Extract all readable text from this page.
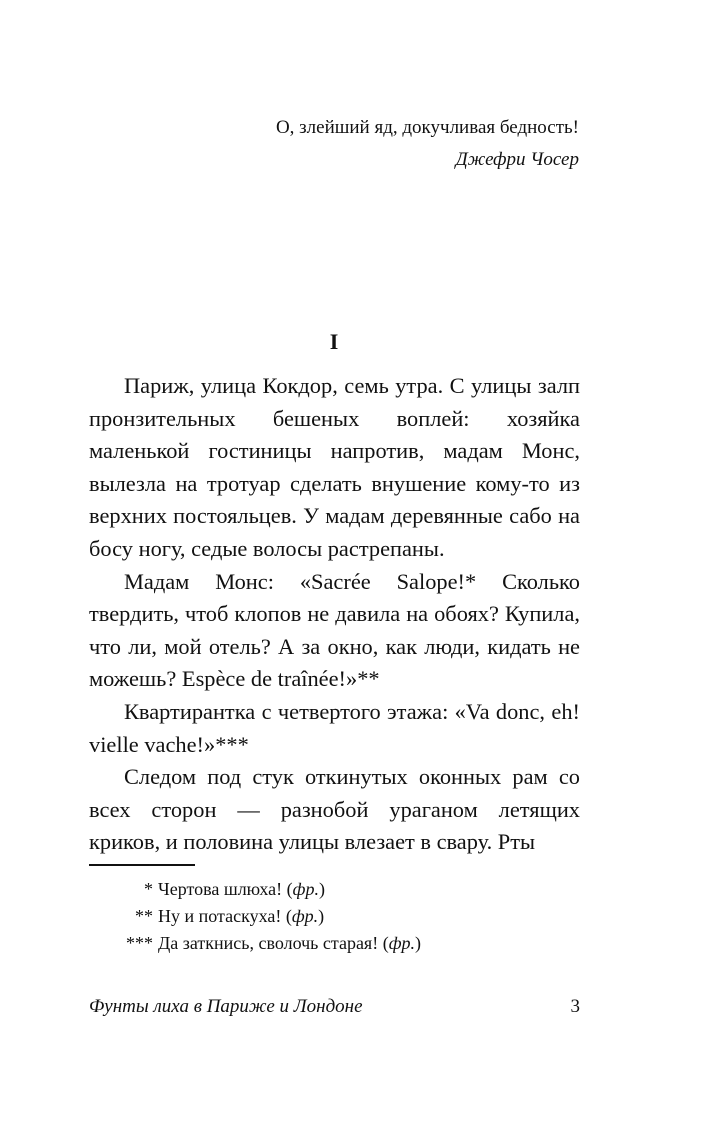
О, злейший яд, докучливая бедность!
Джефри Чосер
I

Париж, улица Кокдор, семь утра. С улицы залп пронзительных бешеных воплей: хозяйка маленькой гостиницы напротив, мадам Монс, вылезла на тротуар сделать внушение кому-то из верхних постояльцев. У мадам деревянные сабо на босу ногу, седые волосы растрепаны.

Мадам Монс: «Sacrée Salope!* Сколько твердить, чтоб клопов не давила на обоях? Купила, что ли, мой отель? А за окно, как люди, кидать не можешь? Espèce de traînée!»**

Квартирантка с четвертого этажа: «Va donc, eh! vielle vache!»***

Следом под стук откинутых оконных рам со всех сторон — разнобой ураганом летящих криков, и половина улицы влезает в свару. Рты

* Чертова шлюха! (фр.)
** Ну и потаскуха! (фр.)
*** Да заткнись, сволочь старая! (фр.)
Фунты лиха в Париже и Лондоне	3
